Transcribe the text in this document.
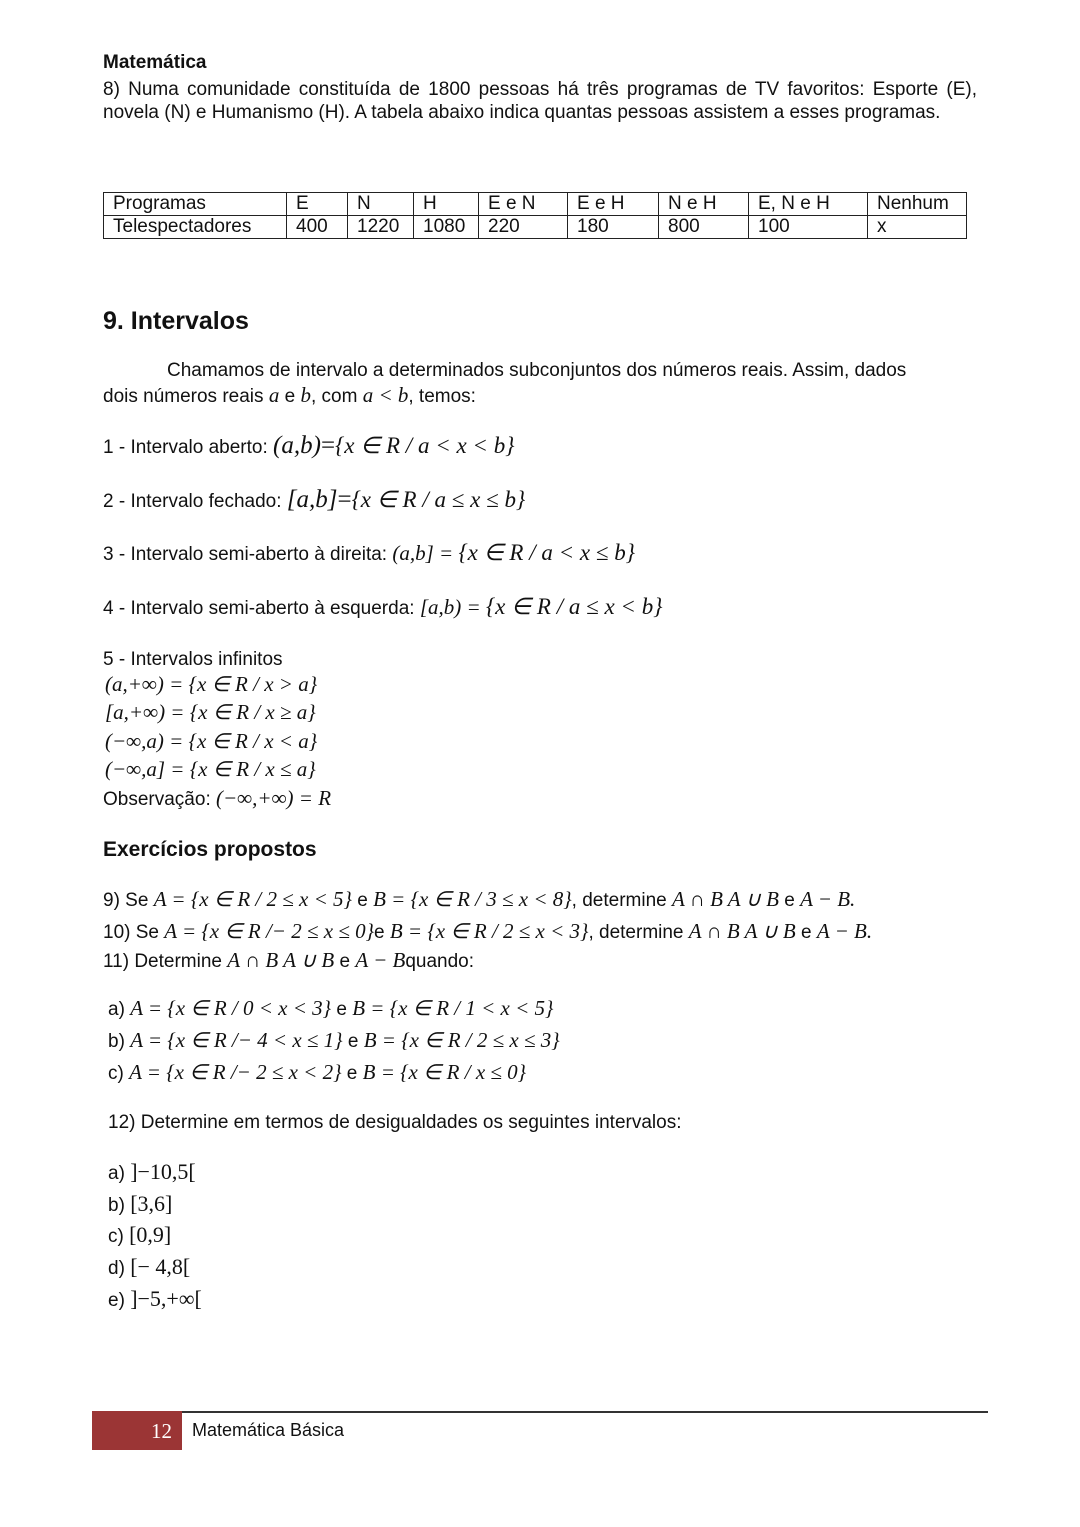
Matemática
8) Numa comunidade constituída de 1800 pessoas há três programas de TV favoritos: Esporte (E), novela (N) e Humanismo (H). A tabela abaixo indica quantas pessoas assistem a esses programas.
Programas	E	N	H	E e N	E e H	N e H	E, N e H	Nenhum
Telespectadores	400	1220	1080	220	180	800	100	x
9. Intervalos
Chamamos de intervalo a determinados subconjuntos dos números reais. Assim, dados
dois números reais a e b, com a < b, temos:
1 - Intervalo aberto: (a,b)={x ∈ R / a < x < b}
2 - Intervalo fechado: [a,b]={x ∈ R / a ≤ x ≤ b}
3 - Intervalo semi-aberto à direita: (a,b] = {x ∈ R / a < x ≤ b}
4 - Intervalo semi-aberto à esquerda: [a,b) = {x ∈ R / a ≤ x < b}
5 - Intervalos infinitos
(a,+∞) = {x ∈ R / x > a}
[a,+∞) = {x ∈ R / x ≥ a}
(−∞,a) = {x ∈ R / x < a}
(−∞,a] = {x ∈ R / x ≤ a}
Observação: (−∞,+∞) = R
Exercícios propostos
9) Se A = {x ∈ R / 2 ≤ x < 5} e B = {x ∈ R / 3 ≤ x < 8}, determine A ∩ B A ∪ B e A − B.
10) Se A = {x ∈ R /− 2 ≤ x ≤ 0}e B = {x ∈ R / 2 ≤ x < 3}, determine A ∩ B A ∪ B e A − B.
11) Determine A ∩ B A ∪ B e A − Bquando:
a) A = {x ∈ R / 0 < x < 3} e B = {x ∈ R / 1 < x < 5}
b) A = {x ∈ R /− 4 < x ≤ 1} e B = {x ∈ R / 2 ≤ x ≤ 3}
c) A = {x ∈ R /− 2 ≤ x < 2} e B = {x ∈ R / x ≤ 0}
12) Determine em termos de desigualdades os seguintes intervalos:
a) ]−10,5[
b) [3,6]
c) [0,9]
d) [− 4,8[
e) ]−5,+∞[
12 Matemática Básica
